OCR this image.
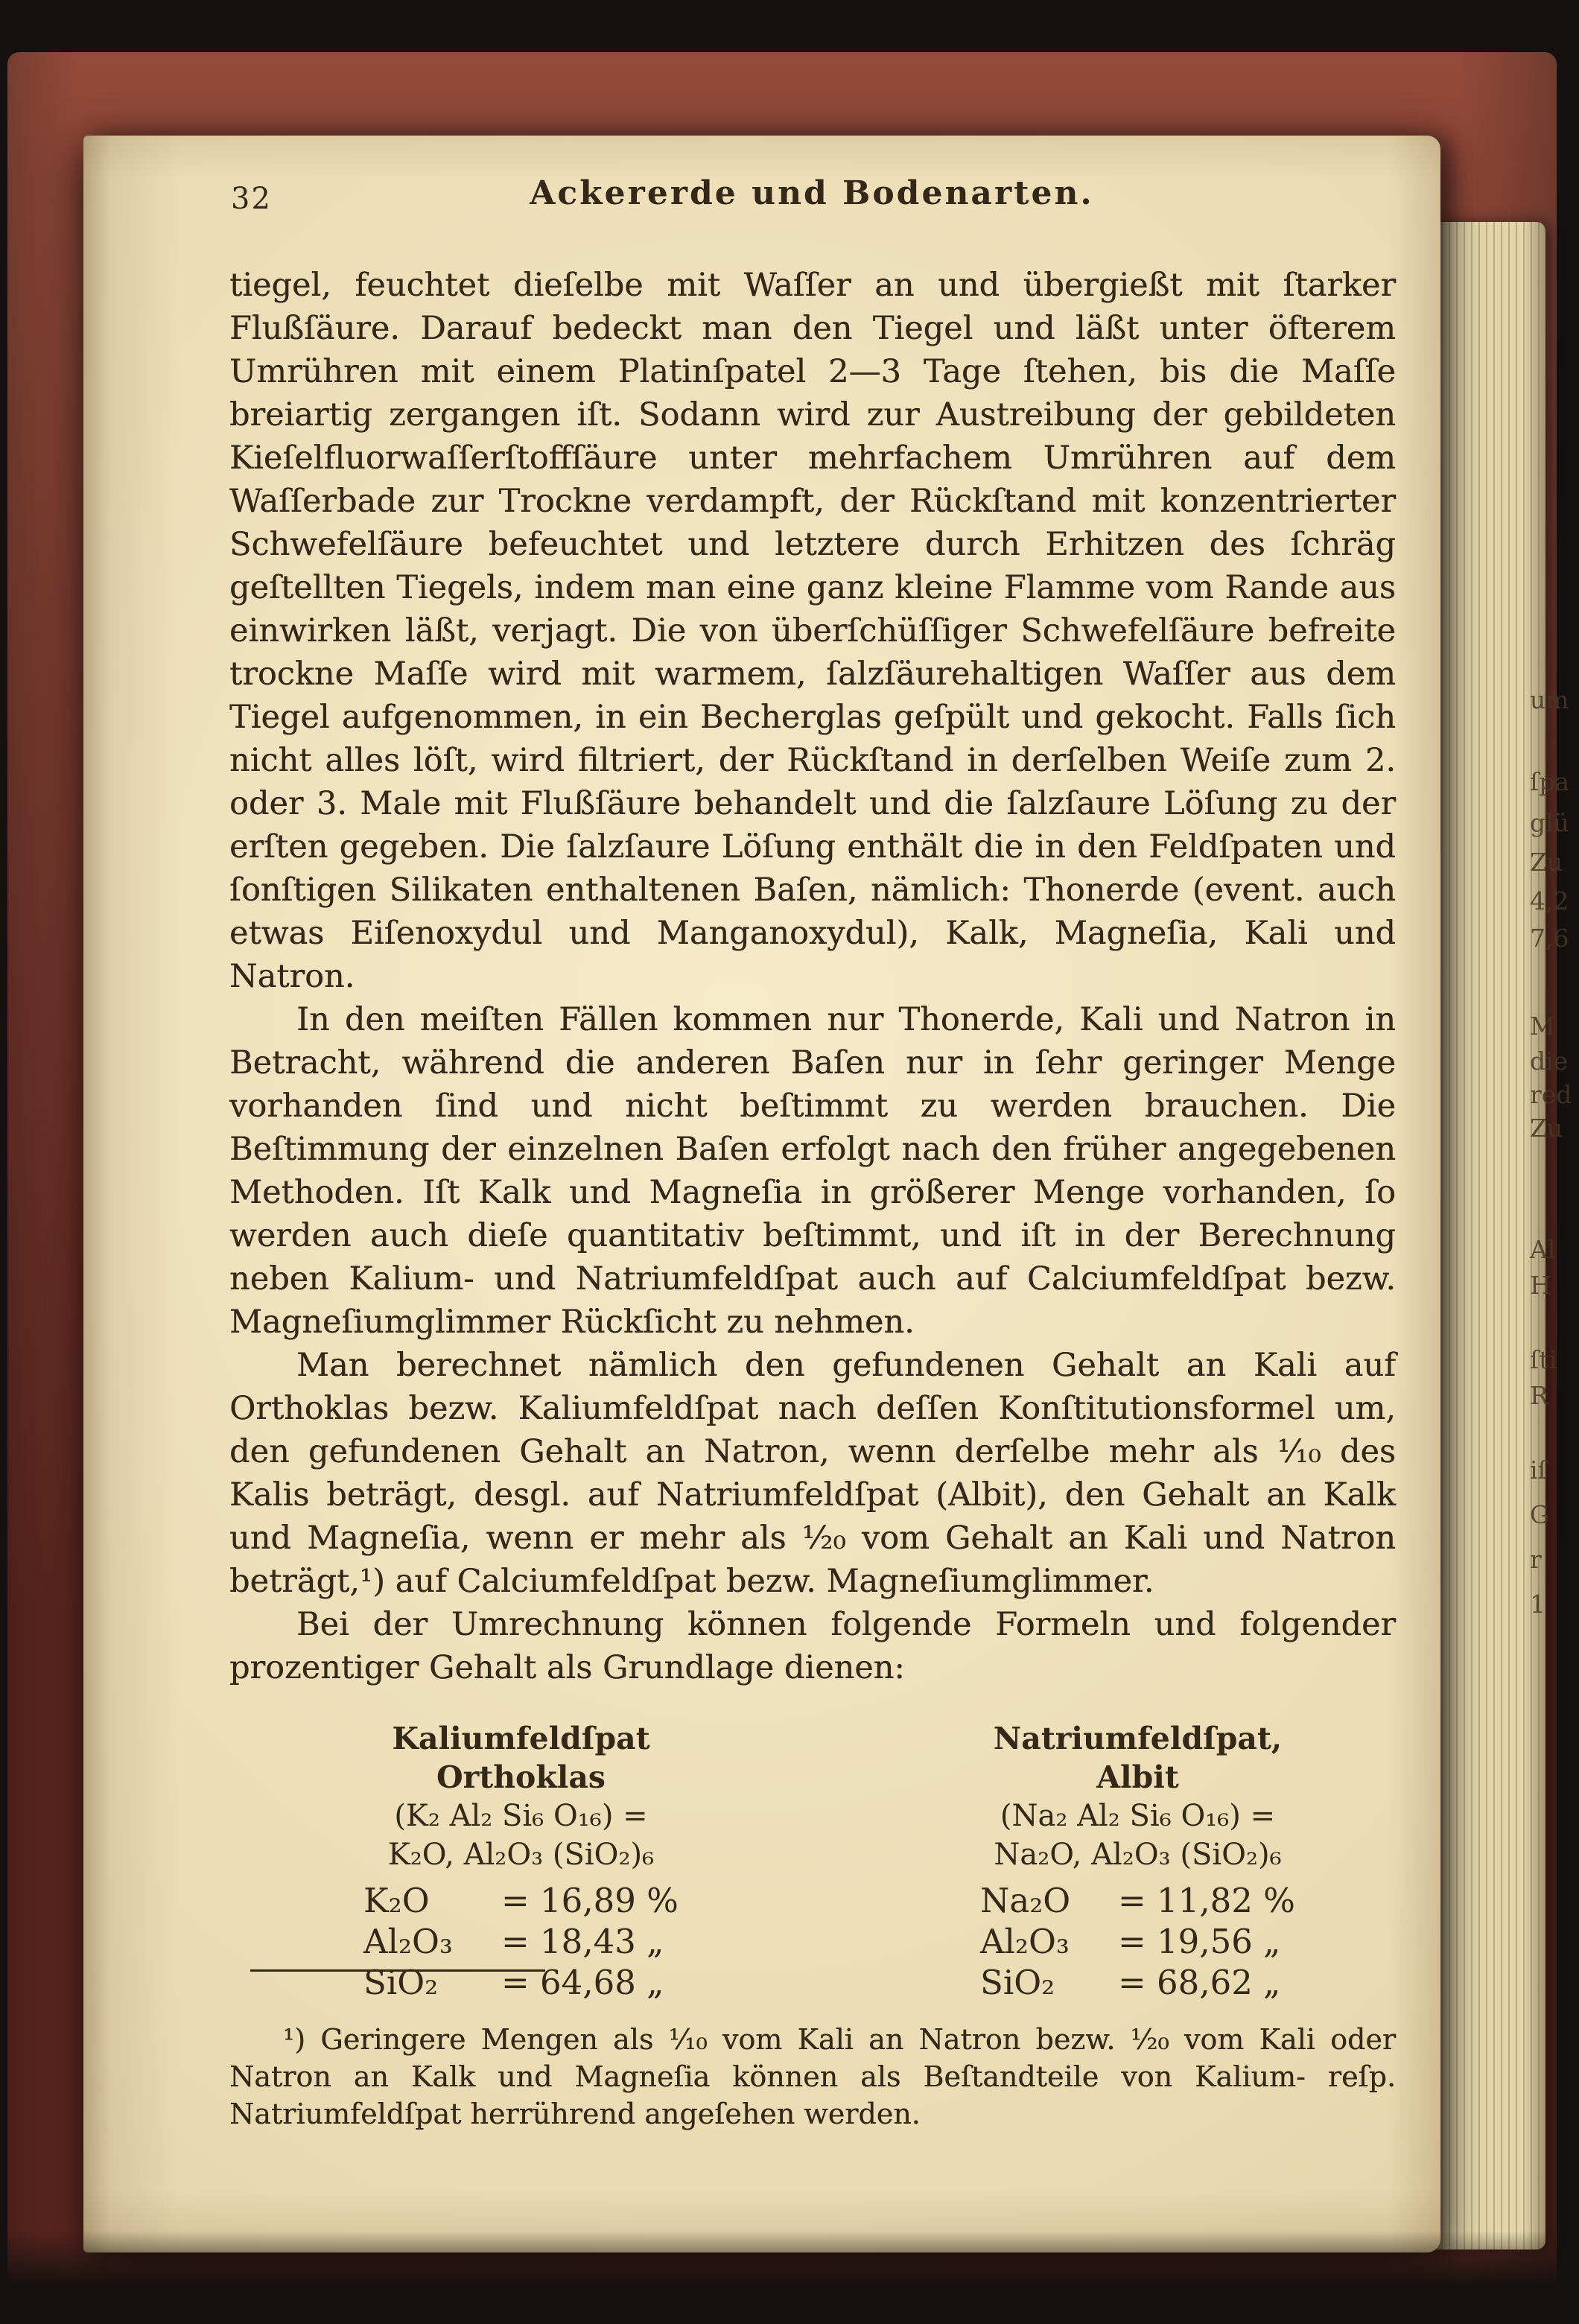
um
ſpa
glü
Zu
4,2
7,6
M
die
red
Zu
Al
H
ſti
R
iſ
G
r
1
32	Ackererde und Bodenarten.

tiegel, feuchtet dieſelbe mit Waſſer an und übergießt mit ſtarker Flußſäure. Darauf bedeckt man den Tiegel und läßt unter öfterem Umrühren mit einem Platinſpatel 2—3 Tage ſtehen, bis die Maſſe breiartig zergangen iſt. Sodann wird zur Austreibung der gebildeten Kieſelfluorwaſſerſtoffſäure unter mehrfachem Umrühren auf dem Waſſerbade zur Trockne verdampft, der Rückſtand mit konzentrierter Schwefelſäure befeuchtet und letztere durch Erhitzen des ſchräg geſtellten Tiegels, indem man eine ganz kleine Flamme vom Rande aus einwirken läßt, verjagt. Die von überſchüſſiger Schwefelſäure befreite trockne Maſſe wird mit warmem, ſalzſäurehaltigen Waſſer aus dem Tiegel aufgenommen, in ein Becherglas geſpült und gekocht. Falls ſich nicht alles löſt, wird filtriert, der Rückſtand in derſelben Weiſe zum 2. oder 3. Male mit Flußſäure behandelt und die ſalzſaure Löſung zu der erſten gegeben. Die ſalzſaure Löſung enthält die in den Feldſpaten und ſonſtigen Silikaten enthaltenen Baſen, nämlich: Thonerde (event. auch etwas Eiſenoxydul und Manganoxydul), Kalk, Magneſia, Kali und Natron.

In den meiſten Fällen kommen nur Thonerde, Kali und Natron in Betracht, während die anderen Baſen nur in ſehr geringer Menge vorhanden ſind und nicht beſtimmt zu werden brauchen. Die Beſtimmung der einzelnen Baſen erfolgt nach den früher angegebenen Methoden. Iſt Kalk und Magneſia in größerer Menge vorhanden, ſo werden auch dieſe quantitativ beſtimmt, und iſt in der Berechnung neben Kalium- und Natriumfeldſpat auch auf Calciumfeldſpat bezw. Magneſiumglimmer Rückſicht zu nehmen.

Man berechnet nämlich den gefundenen Gehalt an Kali auf Orthoklas bezw. Kaliumfeldſpat nach deſſen Konſtitutionsformel um, den gefundenen Gehalt an Natron, wenn derſelbe mehr als ¹⁄₁₀ des Kalis beträgt, desgl. auf Natriumfeldſpat (Albit), den Gehalt an Kalk und Magneſia, wenn er mehr als ¹⁄₂₀ vom Gehalt an Kali und Natron beträgt,¹) auf Calciumfeldſpat bezw. Magneſiumglimmer.

Bei der Umrechnung können folgende Formeln und folgender prozentiger Gehalt als Grundlage dienen:

Kaliumfeldſpat
Orthoklas
(K₂ Al₂ Si₆ O₁₆) =
K₂O, Al₂O₃ (SiO₂)₆
K₂O	= 16,89 %
Al₂O₃	= 18,43 „
SiO₂	= 64,68 „
Natriumfeldſpat,
Albit
(Na₂ Al₂ Si₆ O₁₆) =
Na₂O, Al₂O₃ (SiO₂)₆
Na₂O	= 11,82 %
Al₂O₃	= 19,56 „
SiO₂	= 68,62 „

¹) Geringere Mengen als ¹⁄₁₀ vom Kali an Natron bezw. ¹⁄₂₀ vom Kali oder Natron an Kalk und Magneſia können als Beſtandteile von Kalium- reſp. Natriumfeldſpat herrührend angeſehen werden.
